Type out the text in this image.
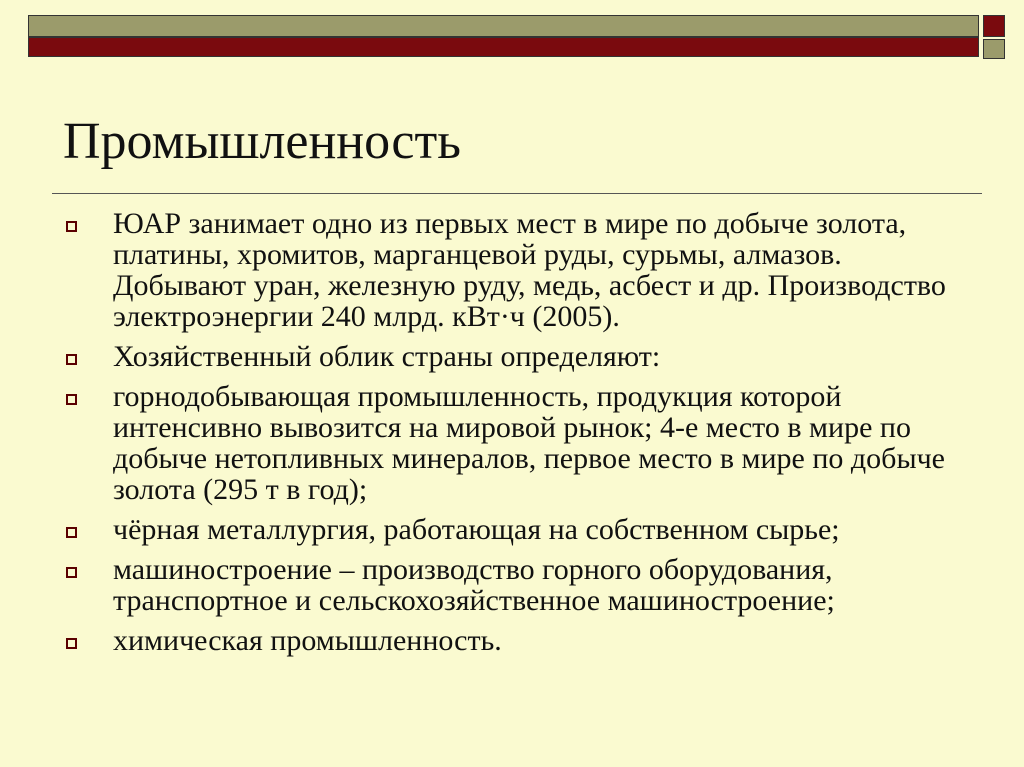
Промышленность
ЮАР занимает одно из первых мест в мире по добыче золота, платины, хромитов, марганцевой руды, сурьмы, алмазов. Добывают уран, железную руду, медь, асбест и др. Производство электроэнергии 240 млрд. кВт·ч (2005).
Хозяйственный облик страны определяют:
горнодобывающая промышленность, продукция которой интенсивно вывозится на мировой рынок; 4-е место в мире по добыче нетопливных минералов, первое место в мире по добыче золота (295 т в год);
чёрная металлургия, работающая на собственном сырье;
машиностроение – производство горного оборудования, транспортное и сельскохозяйственное машиностроение;
химическая промышленность.
